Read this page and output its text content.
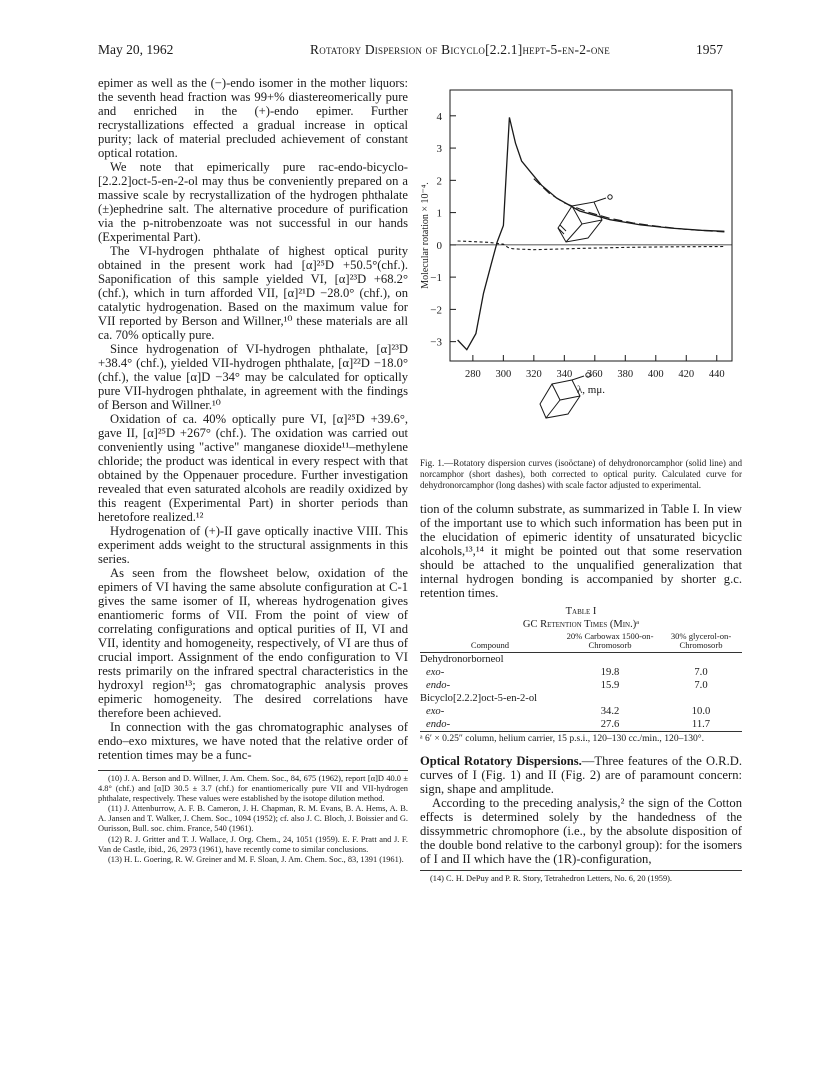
May 20, 1962	Rotatory Dispersion of Bicyclo[2.2.1]hept-5-en-2-one	1957

epimer as well as the (−)-endo isomer in the mother liquors: the seventh head fraction was 99+% diastereomerically pure and enriched in the (+)-endo epimer. Further recrystallizations effected a gradual increase in optical purity; lack of material precluded achievement of constant optical rotation.

We note that epimerically pure rac-endo-bicyclo-[2.2.2]oct-5-en-2-ol may thus be conveniently prepared on a massive scale by recrystallization of the hydrogen phthalate (±)ephedrine salt. The alternative procedure of purification via the p-nitrobenzoate was not successful in our hands (Experimental Part).

The VI-hydrogen phthalate of highest optical purity obtained in the present work had [α]²⁵D +50.5°(chf.). Saponification of this sample yielded VI, [α]²³D +68.2° (chf.), which in turn afforded VII, [α]²¹D −28.0° (chf.), on catalytic hydrogenation. Based on the maximum value for VII reported by Berson and Willner,¹⁰ these materials are all ca. 70% optically pure.

Since hydrogenation of VI-hydrogen phthalate, [α]²³D +38.4° (chf.), yielded VII-hydrogen phthalate, [α]²²D −18.0° (chf.), the value [α]D −34° may be calculated for optically pure VII-hydrogen phthalate, in agreement with the findings of Berson and Willner.¹⁰

Oxidation of ca. 40% optically pure VI, [α]²⁵D +39.6°, gave II, [α]²⁵D +267° (chf.). The oxidation was carried out conveniently using "active" manganese dioxide¹¹–methylene chloride; the product was identical in every respect with that obtained by the Oppenauer procedure. Further investigation revealed that even saturated alcohols are readily oxidized by this reagent (Experimental Part) in shorter periods than heretofore realized.¹²

Hydrogenation of (+)-II gave optically inactive VIII. This experiment adds weight to the structural assignments in this series.

As seen from the flowsheet below, oxidation of the epimers of VI having the same absolute configuration at C-1 gives the same isomer of II, whereas hydrogenation gives enantiomeric forms of VII. From the point of view of correlating configurations and optical purities of II, VI and VII, identity and homogeneity, respectively, of VI are thus of crucial import. Assignment of the endo configuration to VI rests primarily on the infrared spectral characteristics in the hydroxyl region¹³; gas chromatographic analysis proves epimeric homogeneity. The desired correlations have therefore been achieved.

In connection with the gas chromatographic analyses of endo–exo mixtures, we have noted that the relative order of retention times may be a func-

(10) J. A. Berson and D. Willner, J. Am. Chem. Soc., 84, 675 (1962), report [α]D 40.0 ± 4.8° (chf.) and [α]D 30.5 ± 3.7 (chf.) for enantiomerically pure VII and VII-hydrogen phthalate, respectively. These values were established by the isotope dilution method.

(11) J. Attenburrow, A. F. B. Cameron, J. H. Chapman, R. M. Evans, B. A. Hems, A. B. A. Jansen and T. Walker, J. Chem. Soc., 1094 (1952); cf. also J. C. Bloch, J. Boissier and G. Ourisson, Bull. soc. chim. France, 540 (1961).

(12) R. J. Gritter and T. J. Wallace, J. Org. Chem., 24, 1051 (1959). E. F. Pratt and J. F. Van de Castle, ibid., 26, 2973 (1961), have recently come to similar conclusions.

(13) H. L. Goering, R. W. Greiner and M. F. Sloan, J. Am. Chem. Soc., 83, 1391 (1961).

4
3
2
1
0
−1
−2
−3
280 300 320 340 360 380 400 420 440
λ, mμ.
Molecular rotation × 10⁻⁴.
Fig. 1.—Rotatory dispersion curves (isoöctane) of dehydronorcamphor (solid line) and norcamphor (short dashes), both corrected to optical purity. Calculated curve for dehydronorcamphor (long dashes) with scale factor adjusted to experimental.

tion of the column substrate, as summarized in Table I. In view of the important use to which such information has been put in the elucidation of epimeric identity of unsaturated bicyclic alcohols,¹³,¹⁴ it might be pointed out that some reservation should be attached to the unqualified generalization that internal hydrogen bonding is accompanied by shorter g.c. retention times.

Table I
GC Retention Times (Min.)ᵃ
Compound	20% Carbowax 1500-on-Chromosorb	30% glycerol-on-Chromosorb
Dehydronorborneol		
exo-	19.8	7.0
endo-	15.9	7.0
Bicyclo[2.2.2]oct-5-en-2-ol		
exo-	34.2	10.0
endo-	27.6	11.7
ᵃ 6′ × 0.25″ column, helium carrier, 15 p.s.i., 120–130 cc./min., 120–130°.

Optical Rotatory Dispersions.—Three features of the O.R.D. curves of I (Fig. 1) and II (Fig. 2) are of paramount concern: sign, shape and amplitude.

According to the preceding analysis,² the sign of the Cotton effects is determined solely by the handedness of the dissymmetric chromophore (i.e., by the absolute disposition of the double bond relative to the carbonyl group): for the isomers of I and II which have the (1R)-configuration,

(14) C. H. DePuy and P. R. Story, Tetrahedron Letters, No. 6, 20 (1959).
